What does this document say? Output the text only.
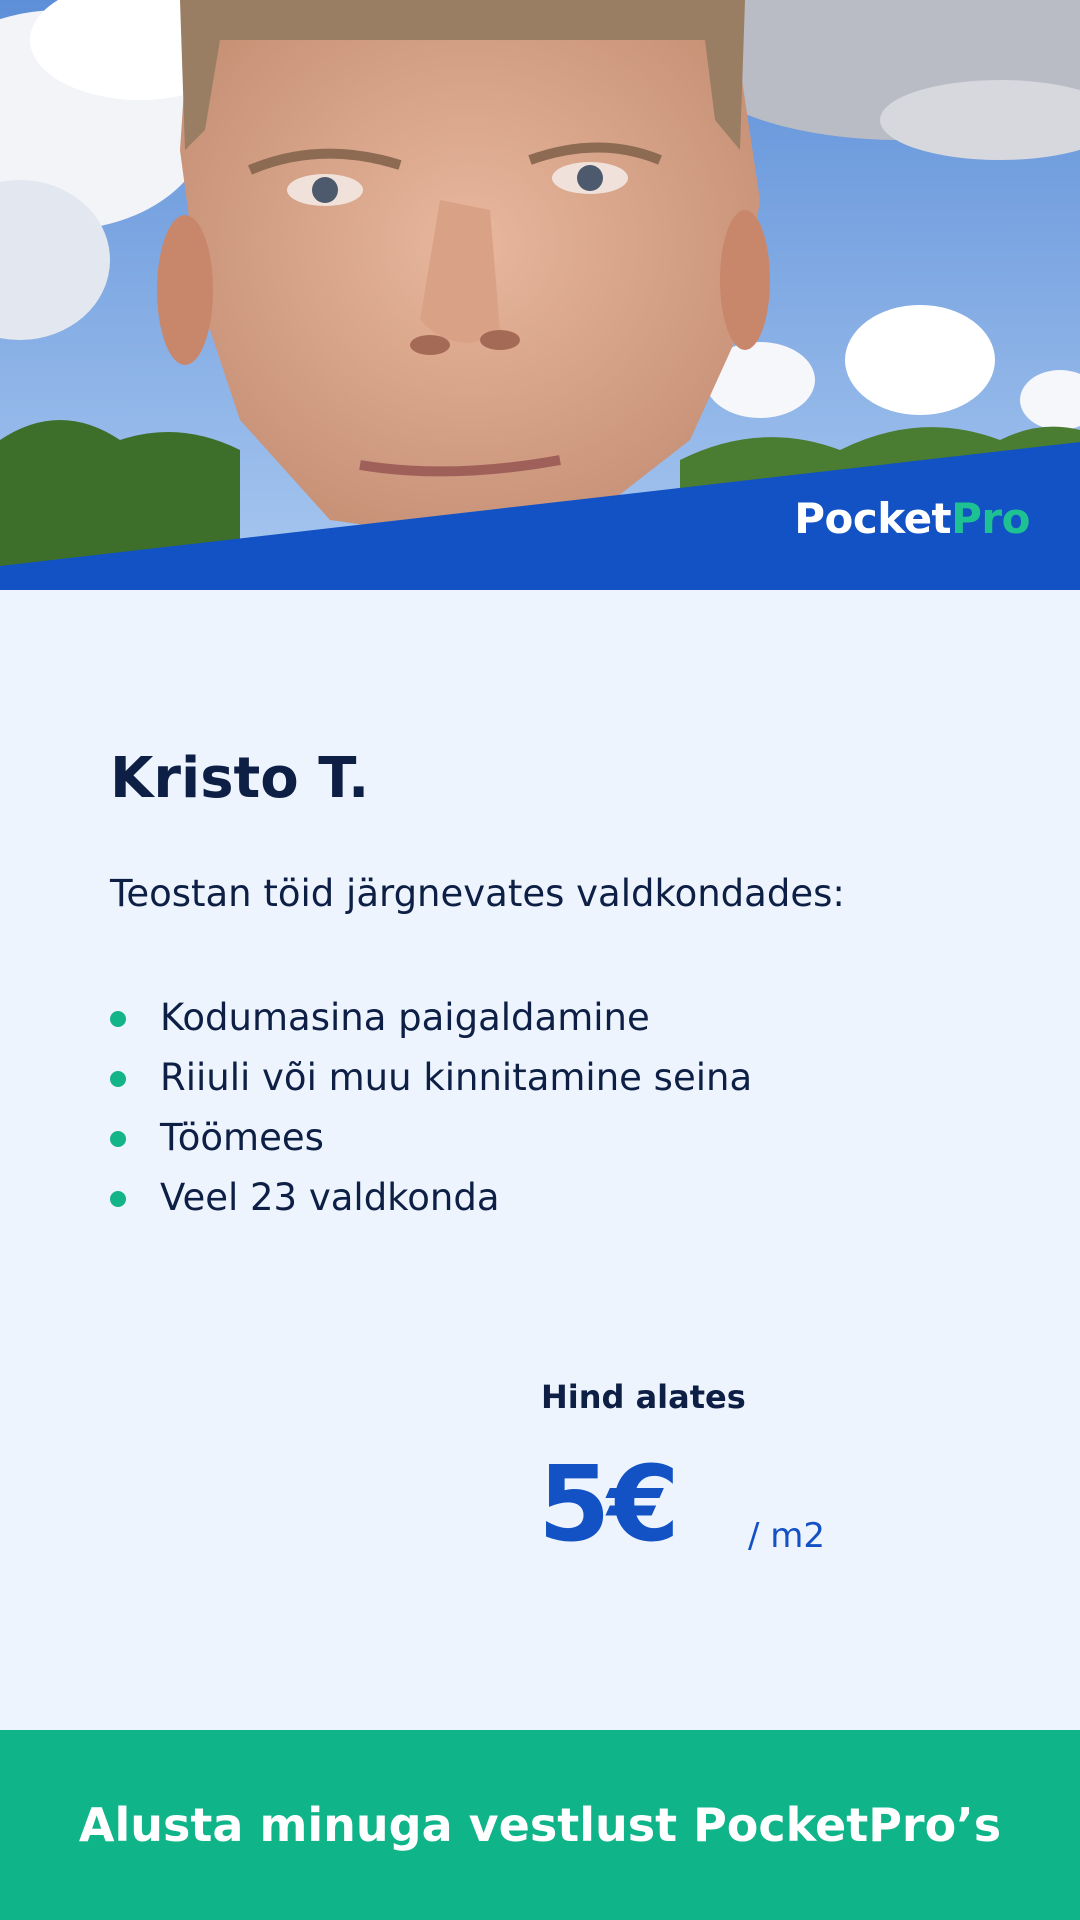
PocketPro
Kristo T.

Teostan töid järgnevates valdkondades:

Kodumasina paigaldamine
Riiuli või muu kinnitamine seina
Töömees
Veel 23 valdkonda

Hind alates

5€ / m2
Alusta minuga vestlust PocketPro’s
